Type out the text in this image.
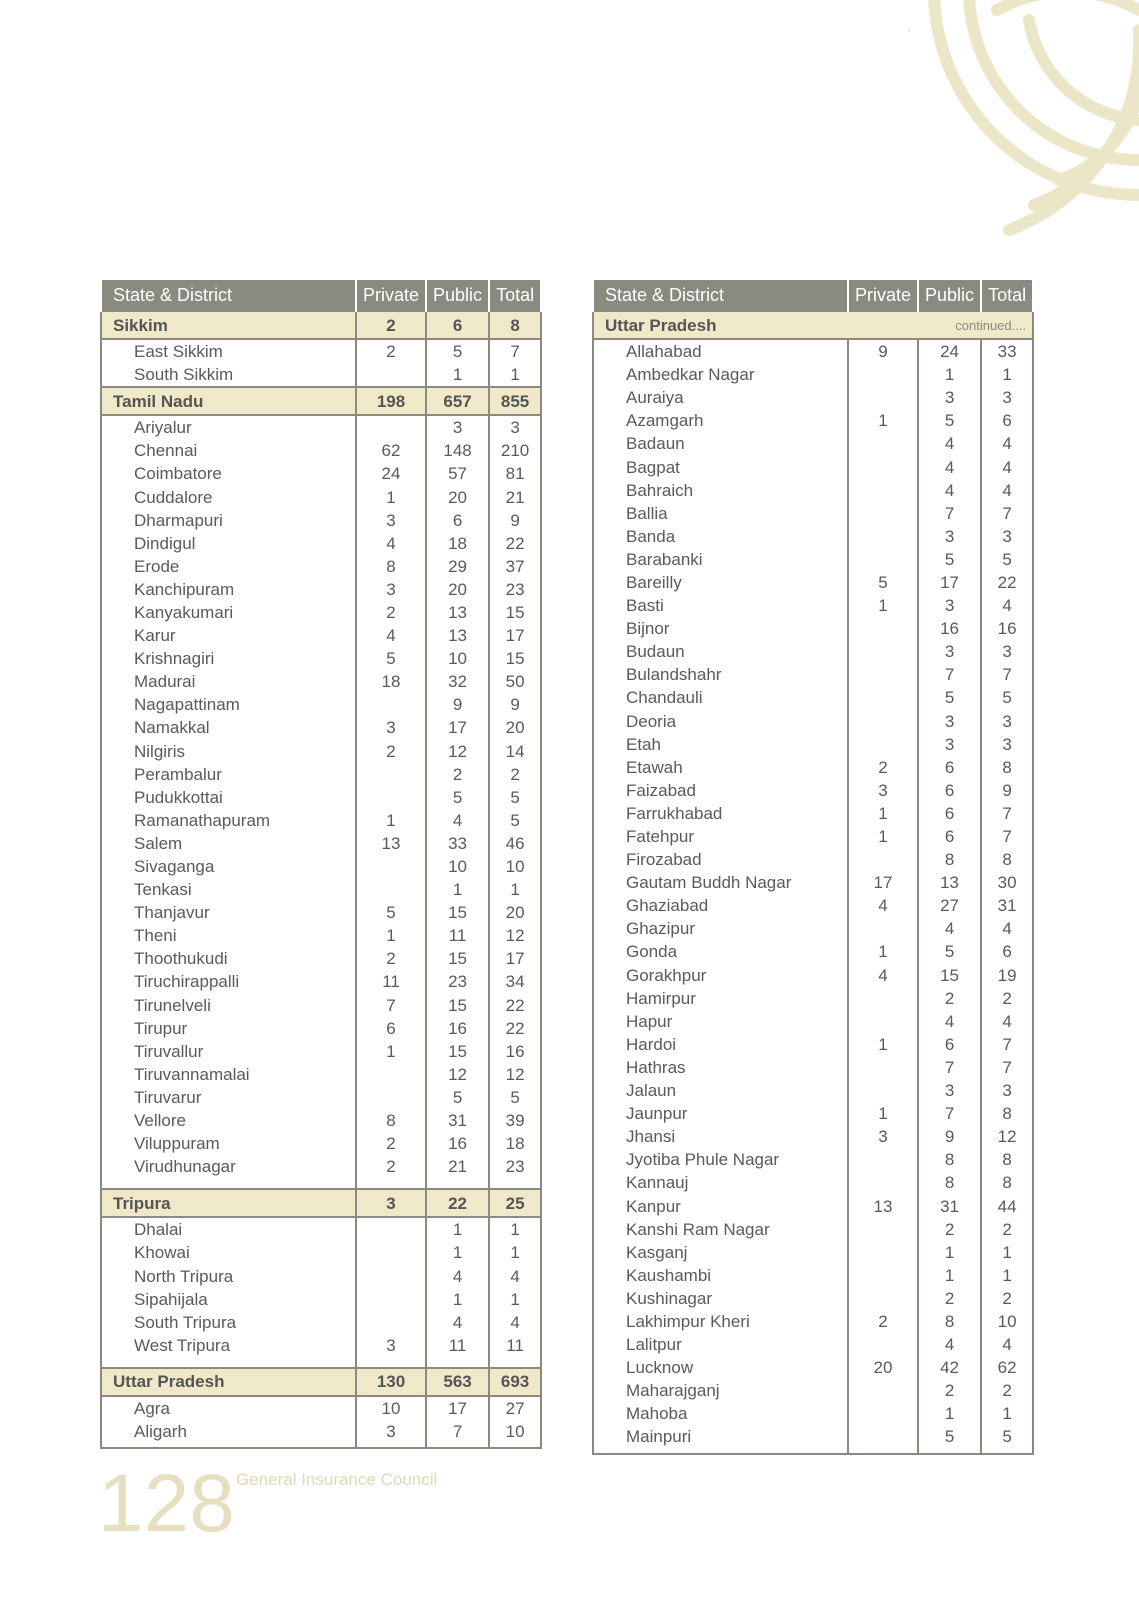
State & District	Private	Public	Total
Sikkim	2	6	8
East Sikkim	2	5	7
South Sikkim		1	1
Tamil Nadu	198	657	855
Ariyalur		3	3
Chennai	62	148	210
Coimbatore	24	57	81
Cuddalore	1	20	21
Dharmapuri	3	6	9
Dindigul	4	18	22
Erode	8	29	37
Kanchipuram	3	20	23
Kanyakumari	2	13	15
Karur	4	13	17
Krishnagiri	5	10	15
Madurai	18	32	50
Nagapattinam		9	9
Namakkal	3	17	20
Nilgiris	2	12	14
Perambalur		2	2
Pudukkottai		5	5
Ramanathapuram	1	4	5
Salem	13	33	46
Sivaganga		10	10
Tenkasi		1	1
Thanjavur	5	15	20
Theni	1	11	12
Thoothukudi	2	15	17
Tiruchirappalli	11	23	34
Tirunelveli	7	15	22
Tirupur	6	16	22
Tiruvallur	1	15	16
Tiruvannamalai		12	12
Tiruvarur		5	5
Vellore	8	31	39
Viluppuram	2	16	18
Virudhunagar	2	21	23

Tripura	3	22	25
Dhalai		1	1
Khowai		1	1
North Tripura		4	4
Sipahijala		1	1
South Tripura		4	4
West Tripura	3	11	11

Uttar Pradesh	130	563	693
Agra	10	17	27
Aligarh	3	7	10
State & District	Private	Public	Total
Uttar Pradesh continued....			

Allahabad	9	24	33
Ambedkar Nagar		1	1
Auraiya		3	3
Azamgarh	1	5	6
Badaun		4	4
Bagpat		4	4
Bahraich		4	4
Ballia		7	7
Banda		3	3
Barabanki		5	5
Bareilly	5	17	22
Basti	1	3	4
Bijnor		16	16
Budaun		3	3
Bulandshahr		7	7
Chandauli		5	5
Deoria		3	3
Etah		3	3
Etawah	2	6	8
Faizabad	3	6	9
Farrukhabad	1	6	7
Fatehpur	1	6	7
Firozabad		8	8
Gautam Buddh Nagar	17	13	30
Ghaziabad	4	27	31
Ghazipur		4	4
Gonda	1	5	6
Gorakhpur	4	15	19
Hamirpur		2	2
Hapur		4	4
Hardoi	1	6	7
Hathras		7	7
Jalaun		3	3
Jaunpur	1	7	8
Jhansi	3	9	12
Jyotiba Phule Nagar		8	8
Kannauj		8	8
Kanpur	13	31	44
Kanshi Ram Nagar		2	2
Kasganj		1	1
Kaushambi		1	1
Kushinagar		2	2
Lakhimpur Kheri	2	8	10
Lalitpur		4	4
Lucknow	20	42	62
Maharajganj		2	2
Mahoba		1	1
Mainpuri		5	5
128 General Insurance Council
